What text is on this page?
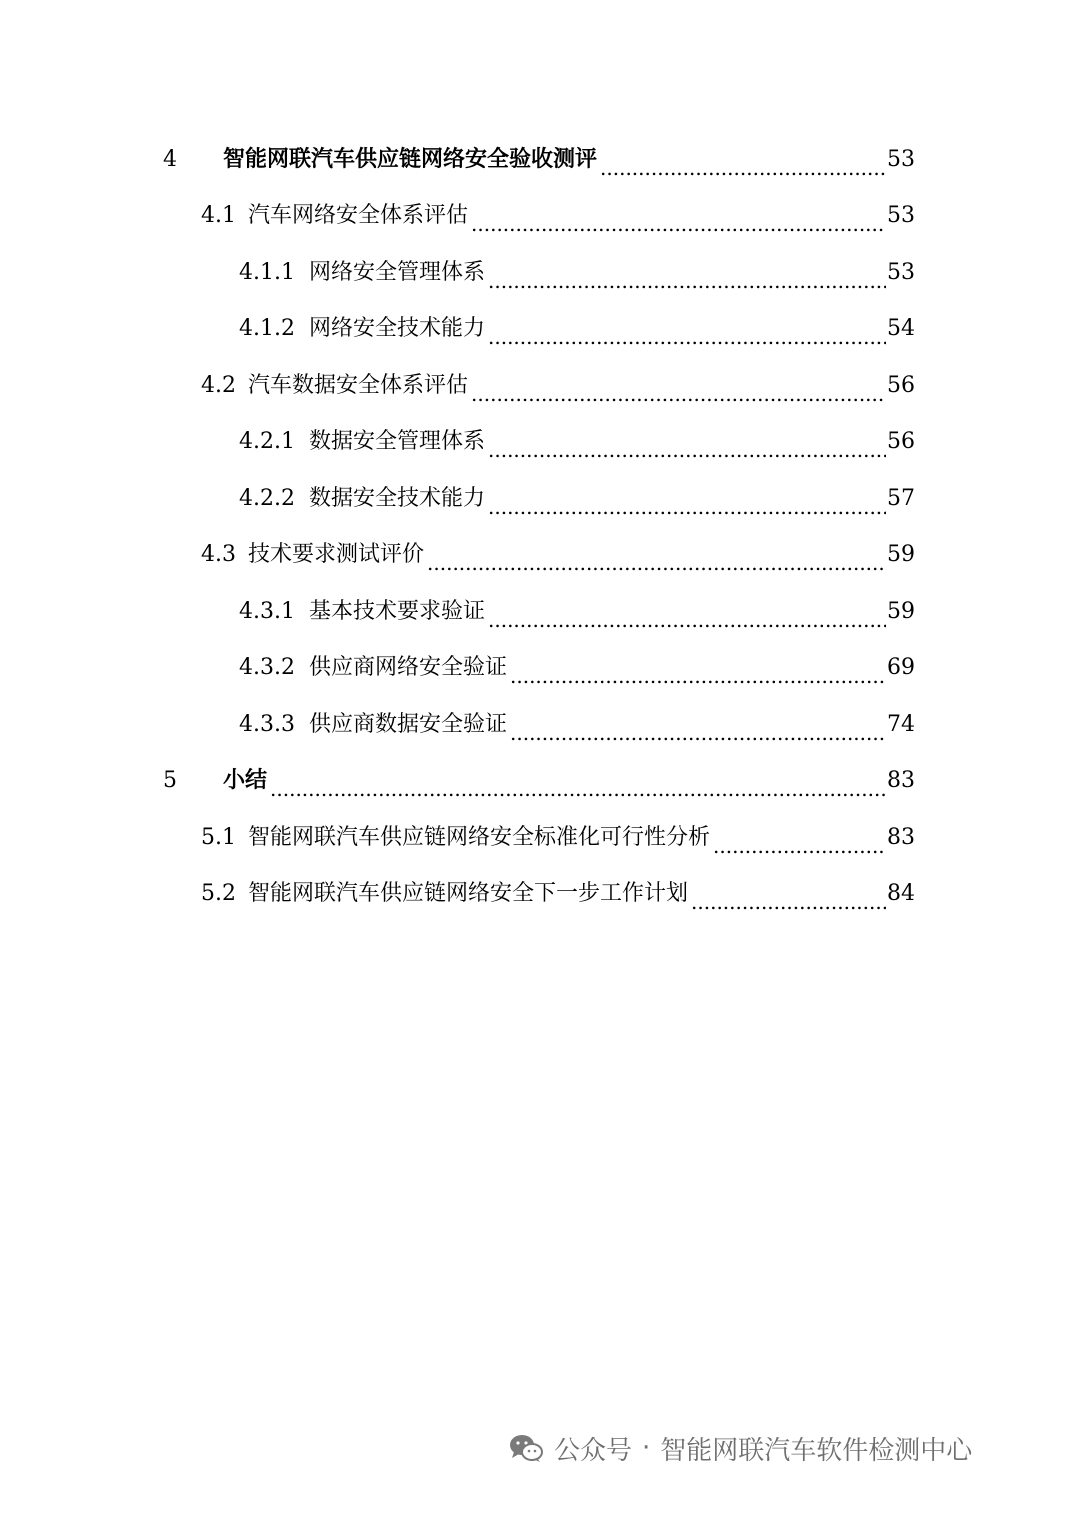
4	智能网联汽车供应链网络安全验收测评 .....	53
4.1 汽车网络安全体系评估 .....	53
4.1.1 网络安全管理体系 .....	53
4.1.2 网络安全技术能力 .....	54
4.2 汽车数据安全体系评估 .....	56
4.2.1 数据安全管理体系 .....	56
4.2.2 数据安全技术能力 .....	57
4.3 技术要求测试评价 .....	59
4.3.1 基本技术要求验证 .....	59
4.3.2 供应商网络安全验证 .....	69
4.3.3 供应商数据安全验证 .....	74
5	小结 .....	83
5.1 智能网联汽车供应链网络安全标准化可行性分析 .....	83
5.2 智能网联汽车供应链网络安全下一步工作计划 .....	84
公众号 · 智能网联汽车软件检测中心
